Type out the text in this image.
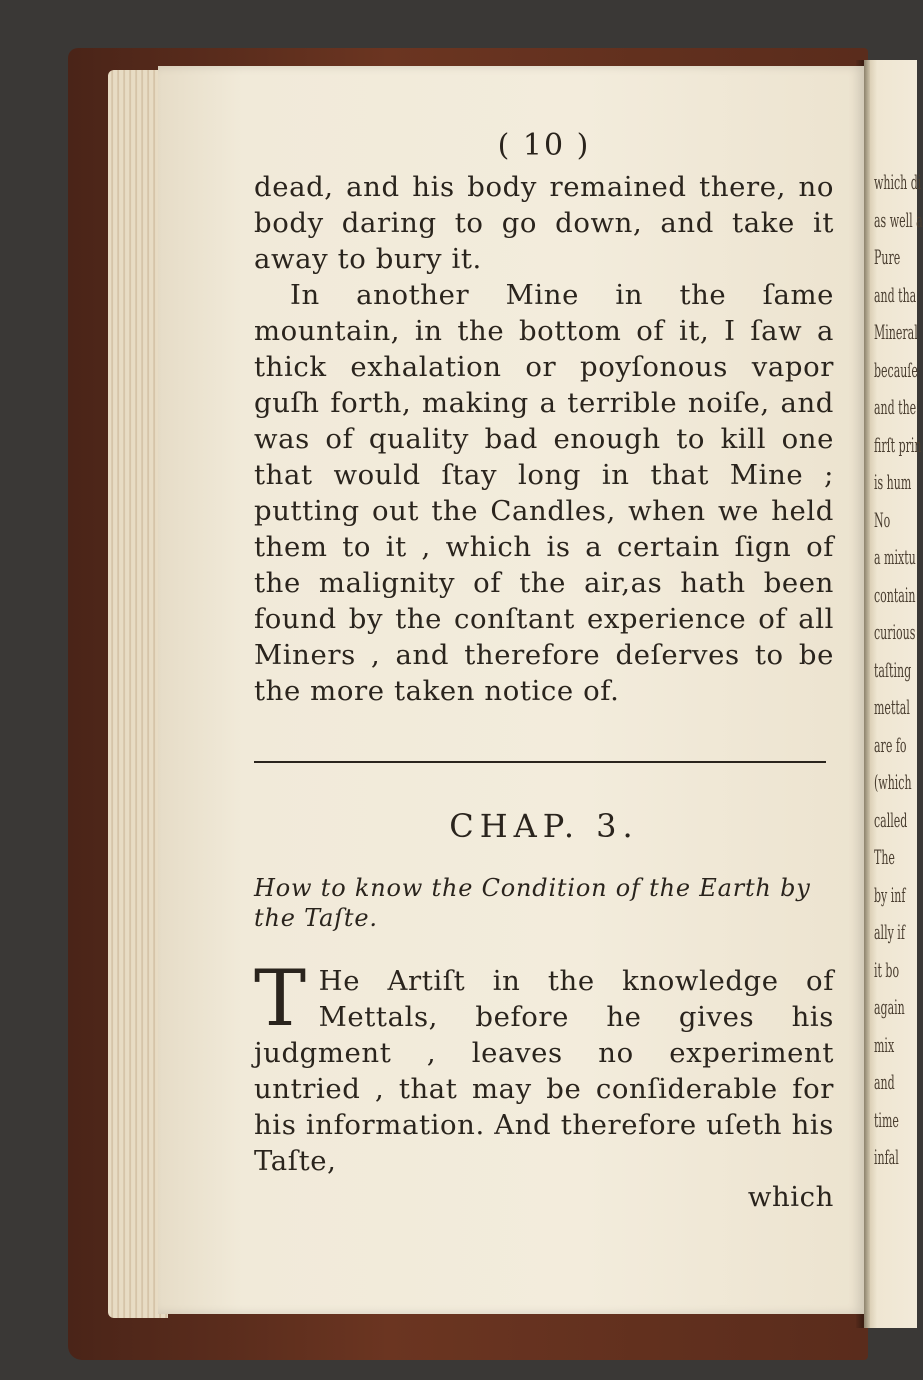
which di
as well a
Pure
and tha
Mineral
becauſe
and the
firſt prin
is hum
No
a mixtu
contain
curious
taſting
mettal
are fo
(which
called
The
by inf
ally if
it bo
again
mix
and
time
infal
( 10 )

dead, and his body remained there, no body daring to go down, and take it away to bury it.

In another Mine in the ſame mountain, in the bottom of it, I ſaw a thick exhalation or poyſonous vapor guſh forth, making a terrible noiſe, and was of quality bad enough to kill one that would ſtay long in that Mine ; putting out the Candles, when we held them to it , which is a certain ſign of the malignity of the air,as hath been found by the conſtant experience of all Miners , and therefore deſerves to be the more taken notice of.

CHAP. 3.

How to know the Condition of the Earth by the Taſte.

T He Artiſt in the knowledge of Mettals, before he gives his judgment , leaves no experiment untried , that may be conſiderable for his information. And therefore uſeth his Taſte,

which
